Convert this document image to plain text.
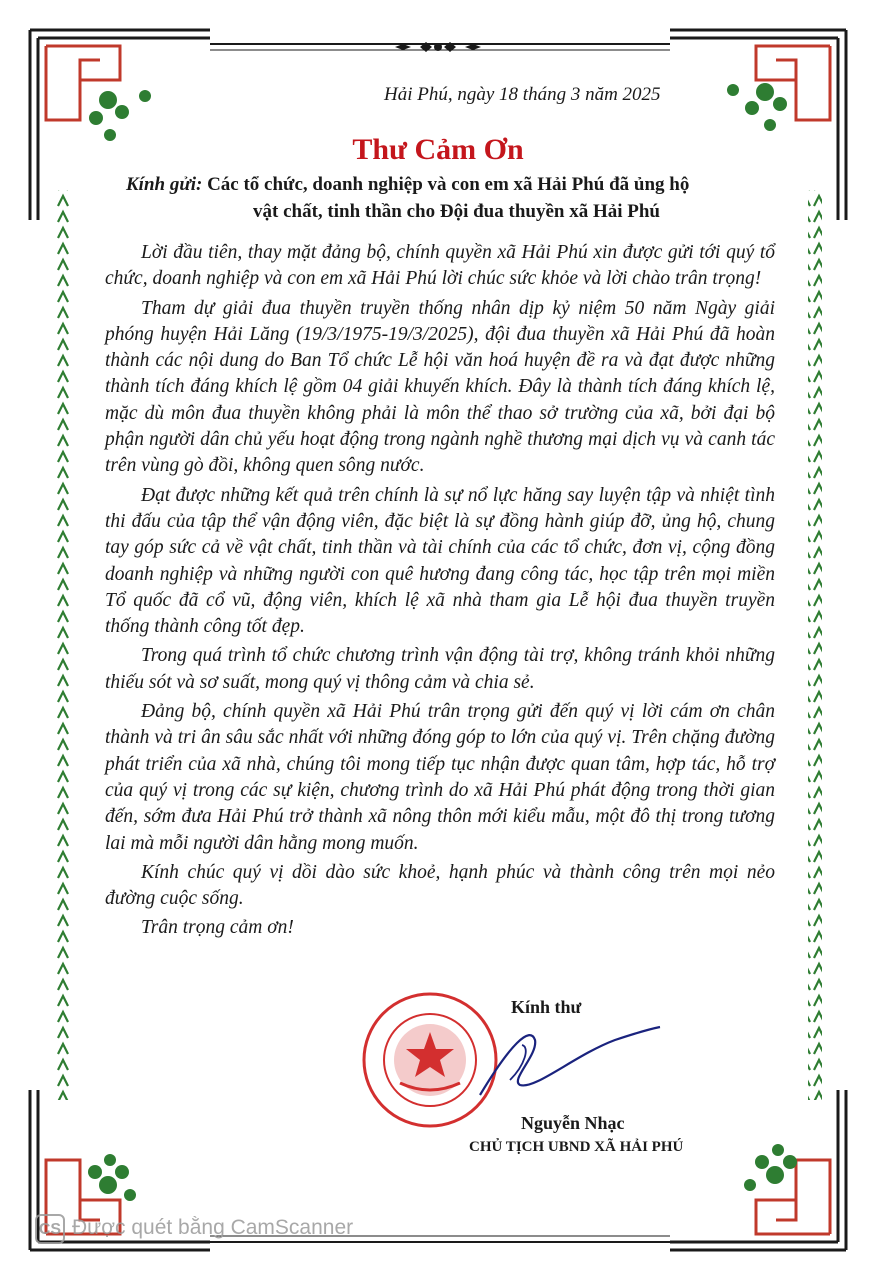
Hải Phú, ngày 18 tháng 3 năm 2025
Thư Cảm Ơn
Kính gửi: Các tổ chức, doanh nghiệp và con em xã Hải Phú đã ủng hộ
vật chất, tinh thần cho Đội đua thuyền xã Hải Phú

Lời đầu tiên, thay mặt đảng bộ, chính quyền xã Hải Phú xin được gửi tới quý tổ chức, doanh nghiệp và con em xã Hải Phú lời chúc sức khỏe và lời chào trân trọng!

Tham dự giải đua thuyền truyền thống nhân dịp kỷ niệm 50 năm Ngày giải phóng huyện Hải Lăng (19/3/1975-19/3/2025), đội đua thuyền xã Hải Phú đã hoàn thành các nội dung do Ban Tổ chức Lễ hội văn hoá huyện đề ra và đạt được những thành tích đáng khích lệ gồm 04 giải khuyến khích. Đây là thành tích đáng khích lệ, mặc dù môn đua thuyền không phải là môn thể thao sở trường của xã, bởi đại bộ phận người dân chủ yếu hoạt động trong ngành nghề thương mại dịch vụ và canh tác trên vùng gò đồi, không quen sông nước.

Đạt được những kết quả trên chính là sự nổ lực hăng say luyện tập và nhiệt tình thi đấu của tập thể vận động viên, đặc biệt là sự đồng hành giúp đỡ, ủng hộ, chung tay góp sức cả về vật chất, tinh thần và tài chính của các tổ chức, đơn vị, cộng đồng doanh nghiệp và những người con quê hương đang công tác, học tập trên mọi miền Tổ quốc đã cổ vũ, động viên, khích lệ xã nhà tham gia Lễ hội đua thuyền truyền thống thành công tốt đẹp.

Trong quá trình tổ chức chương trình vận động tài trợ, không tránh khỏi những thiếu sót và sơ suất, mong quý vị thông cảm và chia sẻ.

Đảng bộ, chính quyền xã Hải Phú trân trọng gửi đến quý vị lời cám ơn chân thành và tri ân sâu sắc nhất với những đóng góp to lớn của quý vị. Trên chặng đường phát triển của xã nhà, chúng tôi mong tiếp tục nhận được quan tâm, hợp tác, hỗ trợ của quý vị trong các sự kiện, chương trình do xã Hải Phú phát động trong thời gian đến, sớm đưa Hải Phú trở thành xã nông thôn mới kiểu mẫu, một đô thị trong tương lai mà mỗi người dân hằng mong muốn.

Kính chúc quý vị dồi dào sức khoẻ, hạnh phúc và thành công trên mọi nẻo đường cuộc sống.

Trân trọng cảm ơn!

Kính thư
Nguyễn Nhạc
CHỦ TỊCH UBND XÃ HẢI PHÚ
CS Được quét bằng CamScanner
